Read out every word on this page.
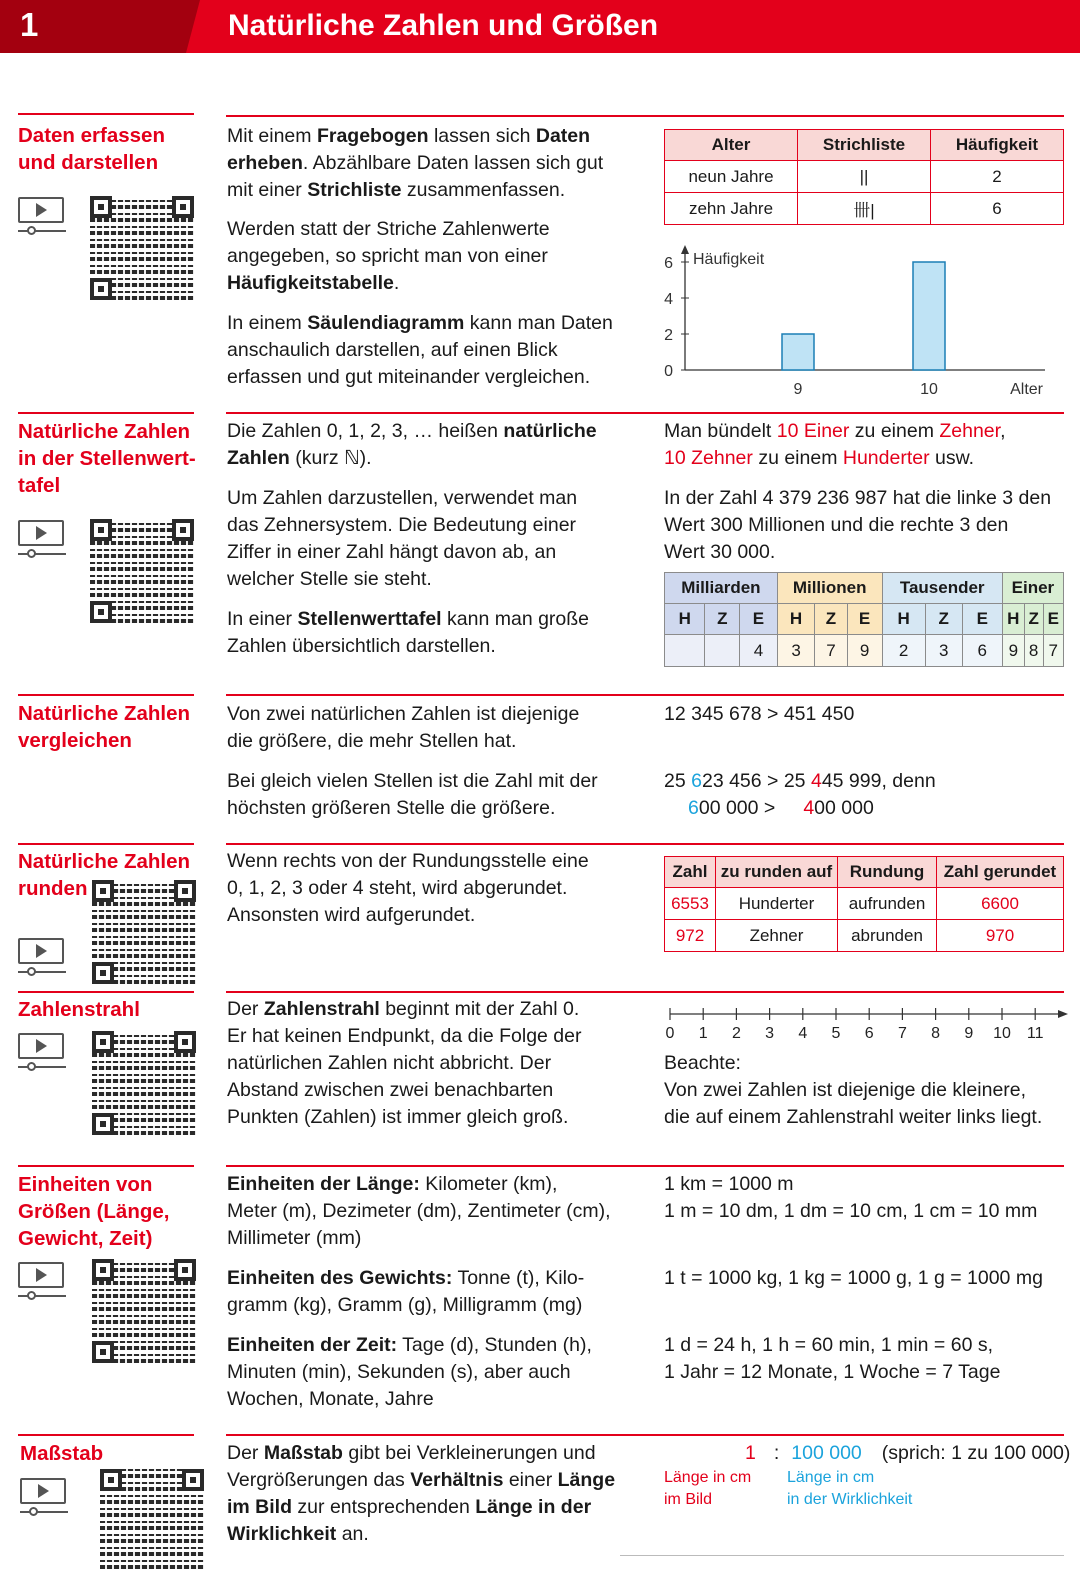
1	Natürliche Zahlen und Größen
Daten erfassen
und darstellen
Mit einem Fragebogen lassen sich Daten
erheben. Abzählbare Daten lassen sich gut
mit einer Strichliste zusammenfassen.
Werden statt der Striche Zahlenwerte
angegeben, so spricht man von einer
Häufigkeitstabelle.
In einem Säulendiagramm kann man Daten
anschaulich darstellen, auf einen Blick
erfassen und gut miteinander vergleichen.
Alter	Strichliste	Häufigkeit
neun Jahre	||	2
zehn Jahre	卌|	6
Häufigkeit
0
2
4
6
9	10	Alter
Natürliche Zahlen
in der Stellenwert-
tafel
Die Zahlen 0, 1, 2, 3, … heißen natürliche
Zahlen (kurz ℕ).
Um Zahlen darzustellen, verwendet man
das Zehnersystem. Die Bedeutung einer
Ziffer in einer Zahl hängt davon ab, an
welcher Stelle sie steht.
In einer Stellenwerttafel kann man große
Zahlen übersichtlich darstellen.
Man bündelt 10 Einer zu einem Zehner,
10 Zehner zu einem Hunderter usw.
In der Zahl 4 379 236 987 hat die linke 3 den
Wert 300 Millionen und die rechte 3 den
Wert 30 000.
Milliarden			Millionen			Tausender			Einer		
H	Z	E	H	Z	E	H	Z	E	H	Z	E
		4	3	7	9	2	3	6	9	8	7
Natürliche Zahlen
vergleichen
Von zwei natürlichen Zahlen ist diejenige
die größere, die mehr Stellen hat.
Bei gleich vielen Stellen ist die Zahl mit der
höchsten größeren Stelle die größere.
12 345 678 > 451 450
25 623 456 > 25 445 999, denn
600 000 > 400 000
Natürliche Zahlen
runden
Wenn rechts von der Rundungsstelle eine
0, 1, 2, 3 oder 4 steht, wird abgerundet.
Ansonsten wird aufgerundet.
Zahl	zu runden auf	Rundung	Zahl gerundet
6553	Hunderter	aufrunden	6600
972	Zehner	abrunden	970
Zahlenstrahl	Der Zahlenstrahl beginnt mit der Zahl 0.
Er hat keinen Endpunkt, da die Folge der
natürlichen Zahlen nicht abbricht. Der
Abstand zwischen zwei benachbarten
Punkten (Zahlen) ist immer gleich groß.
0 1 2 3 4 5 6 7 8 9 10 11
Beachte:
Von zwei Zahlen ist diejenige die kleinere,
die auf einem Zahlenstrahl weiter links liegt.
Einheiten von
Größen (Länge,
Gewicht, Zeit)
Einheiten der Länge: Kilometer (km),
Meter (m), Dezimeter (dm), Zentimeter (cm),
Millimeter (mm)
1 km = 1000 m
1 m = 10 dm, 1 dm = 10 cm, 1 cm = 10 mm
Einheiten des Gewichts: Tonne (t), Kilo-
gramm (kg), Gramm (g), Milligramm (mg)
1 t = 1000 kg, 1 kg = 1000 g, 1 g = 1000 mg
Einheiten der Zeit: Tage (d), Stunden (h),
Minuten (min), Sekunden (s), aber auch
Wochen, Monate, Jahre
1 d = 24 h, 1 h = 60 min, 1 min = 60 s,
1 Jahr = 12 Monate, 1 Woche = 7 Tage
Maßstab	Der Maßstab gibt bei Verkleinerungen und
Vergrößerungen das Verhältnis einer Länge
im Bild zur entsprechenden Länge in der
Wirklichkeit an.
1 : 100 000 (sprich: 1 zu 100 000)
Länge in cm
im Bild
Länge in cm
in der Wirklichkeit
